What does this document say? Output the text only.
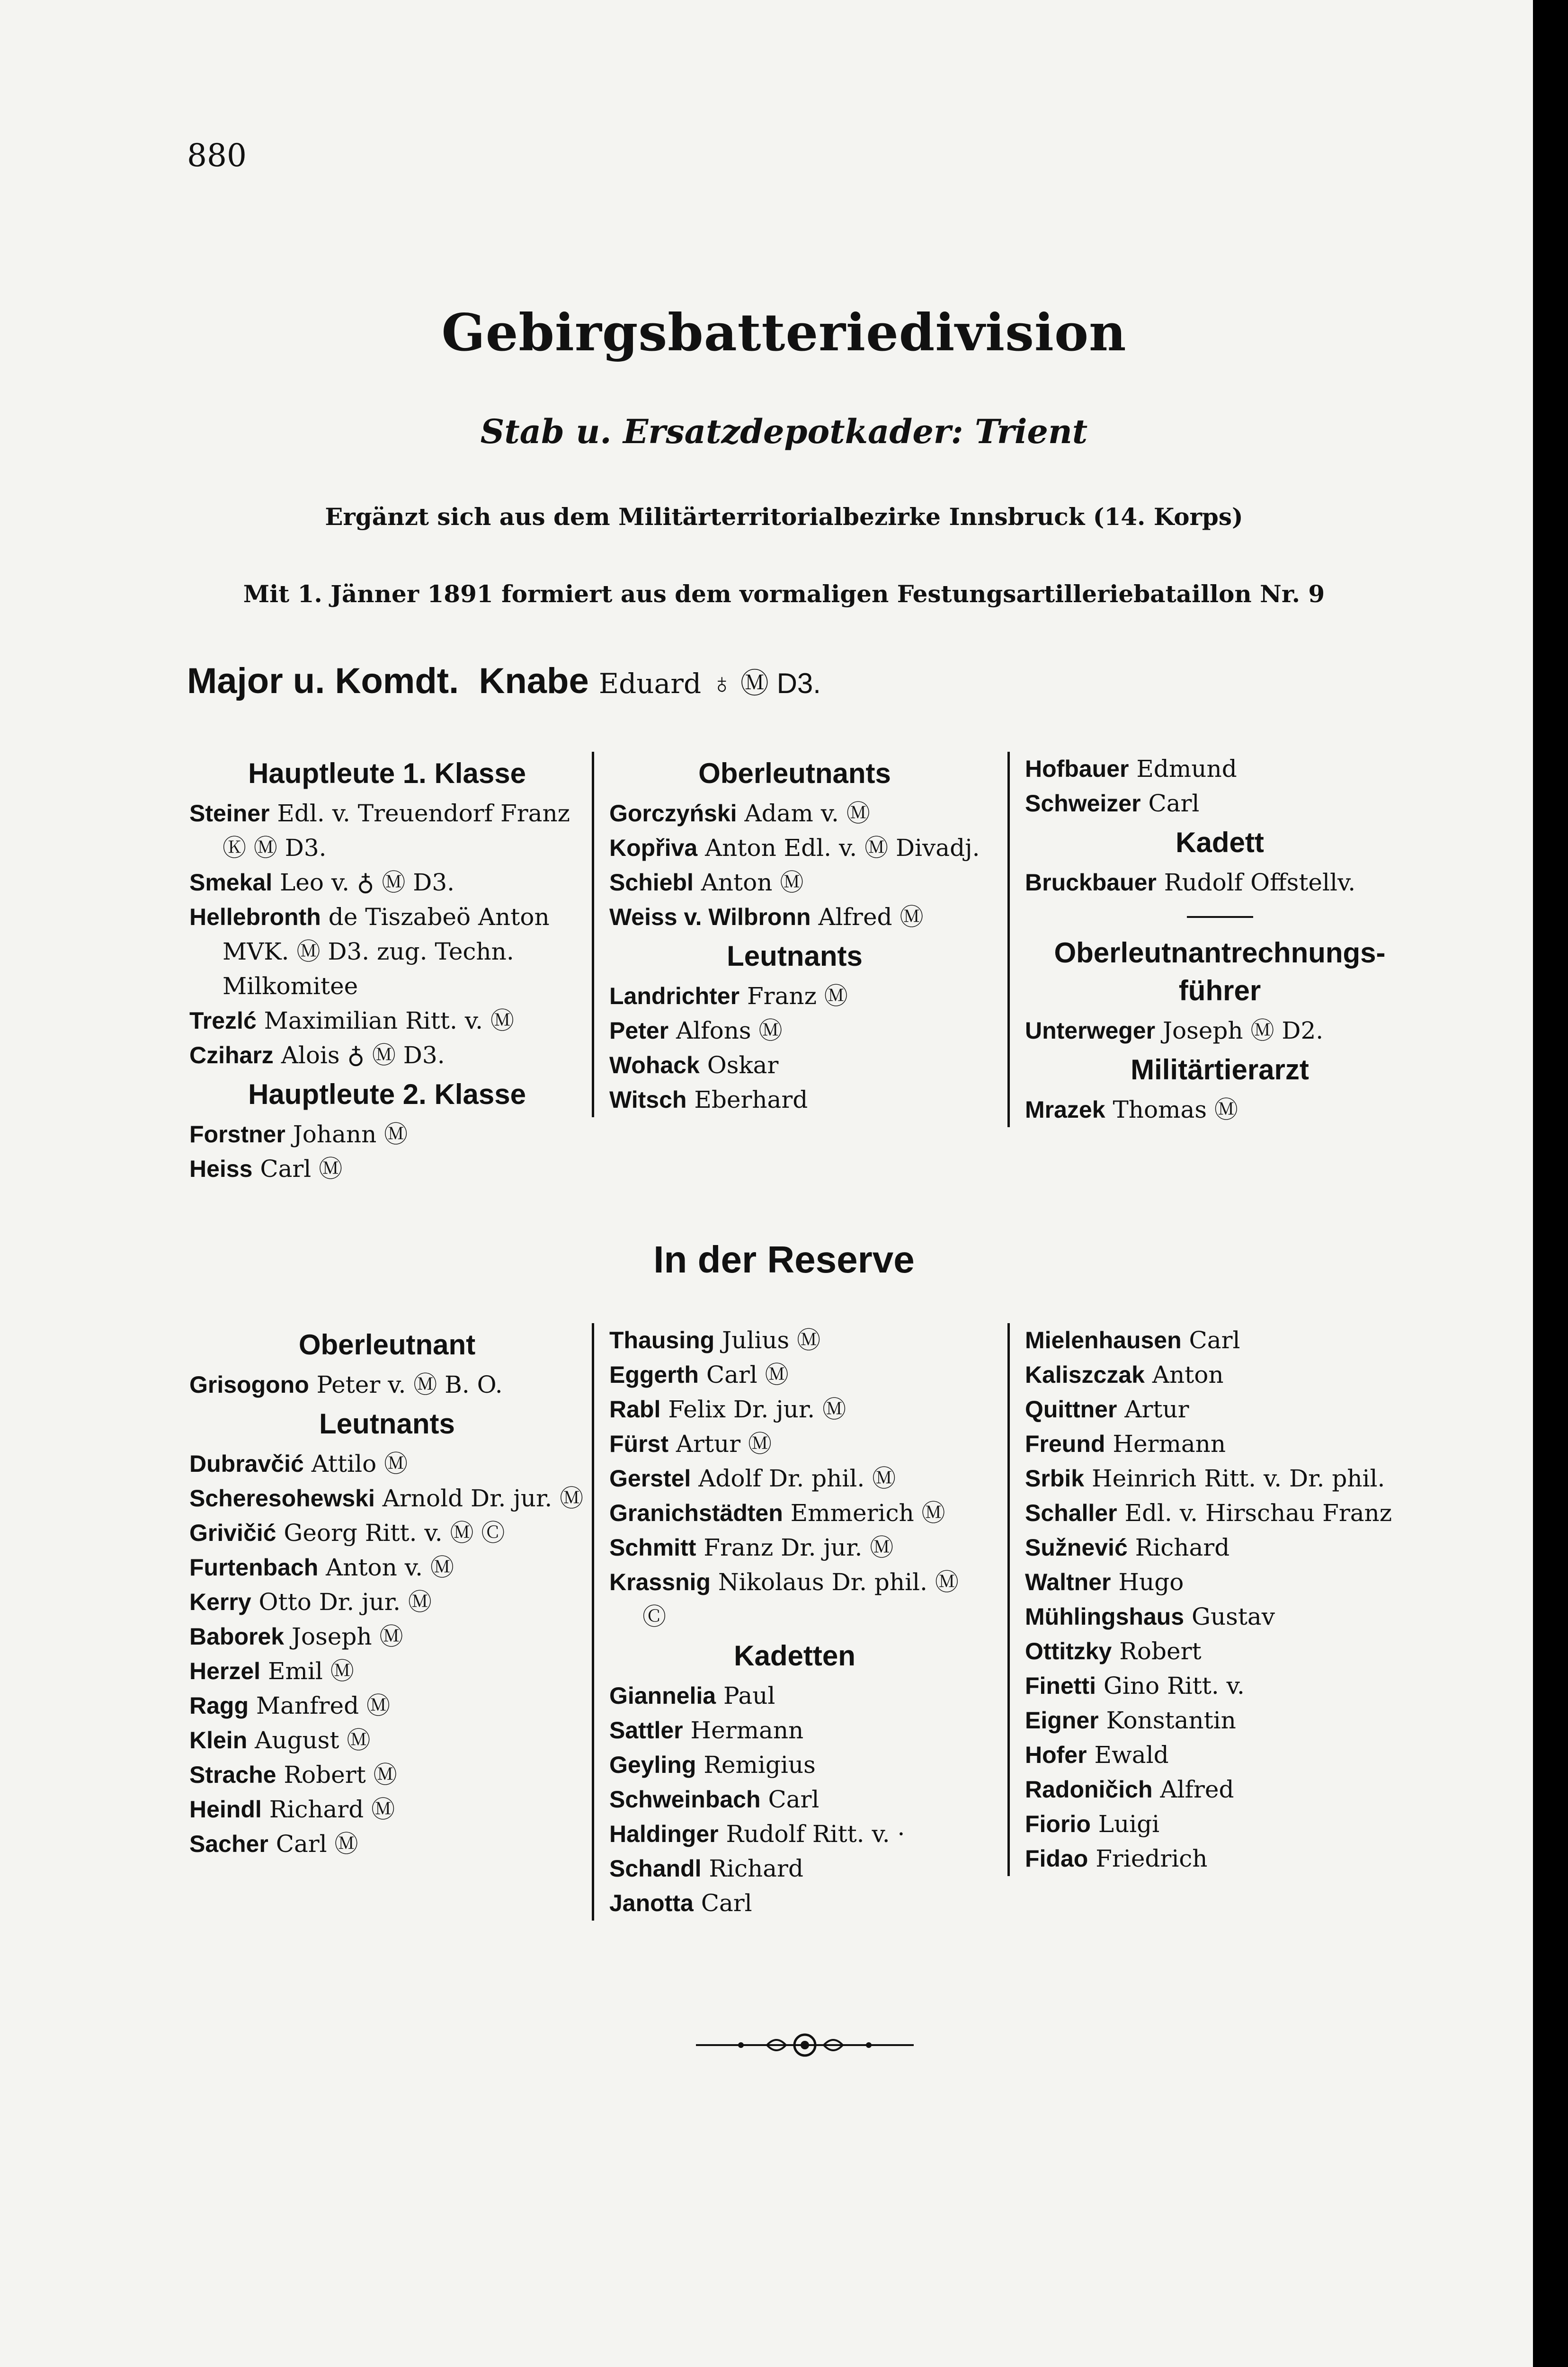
880
Gebirgsbatteriedivision
Stab u. Ersatzdepotkader: Trient
Ergänzt sich aus dem Militärterritorialbezirke Innsbruck (14. Korps)
Mit 1. Jänner 1891 formiert aus dem vormaligen Festungsartilleriebataillon Nr. 9
Major u. Komdt. Knabe Eduard ♁ Ⓜ D3.
Hauptleute 1. Klasse
Steiner Edl. v. Treuendorf Franz Ⓚ Ⓜ D3.
Smekal Leo v. ♁ Ⓜ D3.
Hellebronth de Tiszabeö Anton MVK. Ⓜ D3. zug. Techn. Milkomitee
Trezlć Maximilian Ritt. v. Ⓜ
Cziharz Alois ♁ Ⓜ D3.
Hauptleute 2. Klasse
Forstner Johann Ⓜ
Heiss Carl Ⓜ
Oberleutnants
Gorczyński Adam v. Ⓜ
Kopřiva Anton Edl. v. Ⓜ Divadj.
Schiebl Anton Ⓜ
Weiss v. Wilbronn Alfred Ⓜ
Leutnants
Landrichter Franz Ⓜ
Peter Alfons Ⓜ
Wohack Oskar
Witsch Eberhard
Hofbauer Edmund
Schweizer Carl
Kadett
Bruckbauer Rudolf Offstellv.
Oberleutnantrechnungs-führer
Unterweger Joseph Ⓜ D2.
Militärtierarzt
Mrazek Thomas Ⓜ
In der Reserve
Oberleutnant
Grisogono Peter v. Ⓜ B. O.
Leutnants
Dubravčić Attilo Ⓜ
Scheresohewski Arnold Dr. jur. Ⓜ
Grivičić Georg Ritt. v. Ⓜ Ⓒ
Furtenbach Anton v. Ⓜ
Kerry Otto Dr. jur. Ⓜ
Baborek Joseph Ⓜ
Herzel Emil Ⓜ
Ragg Manfred Ⓜ
Klein August Ⓜ
Strache Robert Ⓜ
Heindl Richard Ⓜ
Sacher Carl Ⓜ
Thausing Julius Ⓜ
Eggerth Carl Ⓜ
Rabl Felix Dr. jur. Ⓜ
Fürst Artur Ⓜ
Gerstel Adolf Dr. phil. Ⓜ
Granichstädten Emmerich Ⓜ
Schmitt Franz Dr. jur. Ⓜ
Krassnig Nikolaus Dr. phil. Ⓜ Ⓒ
Kadetten
Giannelia Paul
Sattler Hermann
Geyling Remigius
Schweinbach Carl
Haldinger Rudolf Ritt. v. ·
Schandl Richard
Janotta Carl
Mielenhausen Carl
Kaliszczak Anton
Quittner Artur
Freund Hermann
Srbik Heinrich Ritt. v. Dr. phil.
Schaller Edl. v. Hirschau Franz
Sužnević Richard
Waltner Hugo
Mühlingshaus Gustav
Ottitzky Robert
Finetti Gino Ritt. v.
Eigner Konstantin
Hofer Ewald
Radoničich Alfred
Fiorio Luigi
Fidao Friedrich
